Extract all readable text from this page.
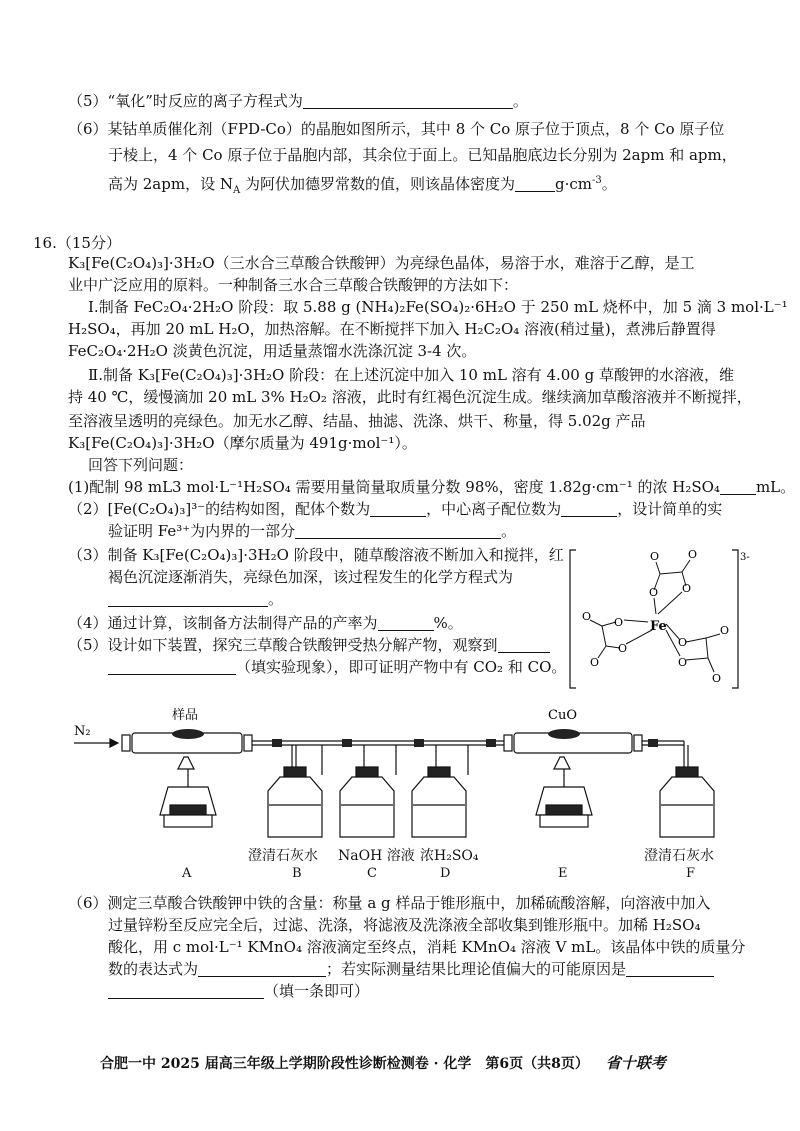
（5）“氧化”时反应的离子方程式为	。
（6）某钴单质催化剂（FPD-Co）的晶胞如图所示，其中 8 个 Co 原子位于顶点，8 个 Co 原子位
于棱上，4 个 Co 原子位于晶胞内部，其余位于面上。已知晶胞底边长分别为 2apm 和 apm，
高为 2apm，设 $N_A$ 为阿伏加德罗常数的值，则该晶体密度为	$g\cdot cm^{-3}$。
16.（15分）
K₃[Fe(C₂O₄)₃]·3H₂O（三水合三草酸合铁酸钾）为亮绿色晶体，易溶于水，难溶于乙醇，是工
业中广泛应用的原料。一种制备三水合三草酸合铁酸钾的方法如下：
Ⅰ.制备 FeC₂O₄·2H₂O 阶段：取 5.88 g (NH₄)₂Fe(SO₄)₂·6H₂O 于 250 mL 烧杯中，加 5 滴 3 mol·L⁻¹
H₂SO₄，再加 20 mL H₂O，加热溶解。在不断搅拌下加入 H₂C₂O₄ 溶液(稍过量)，煮沸后静置得
FeC₂O₄·2H₂O 淡黄色沉淀，用适量蒸馏水洗涤沉淀 3-4 次。
Ⅱ.制备 K₃[Fe(C₂O₄)₃]·3H₂O 阶段：在上述沉淀中加入 10 mL 溶有 4.00 g 草酸钾的水溶液，维
持 40 ℃，缓慢滴加 20 mL 3% H₂O₂ 溶液，此时有红褐色沉淀生成。继续滴加草酸溶液并不断搅拌，
至溶液呈透明的亮绿色。加无水乙醇、结晶、抽滤、洗涤、烘干、称量，得 5.02g 产品
K₃[Fe(C₂O₄)₃]·3H₂O（摩尔质量为 491g·mol⁻¹）。
回答下列问题：
(1)配制 98 mL3 mol·L⁻¹H₂SO₄ 需要用量筒量取质量分数 98%，密度 1.82g·cm⁻¹ 的浓 H₂SO₄ mL。
（2）[Fe(C₂O₄)₃]³⁻的结构如图，配体个数为	，中心离子配位数为	，设计简单的实
验证明 Fe³⁺为内界的一部分	。
（3）制备 K₃[Fe(C₂O₄)₃]·3H₂O 阶段中，随草酸溶液不断加入和搅拌，红
褐色沉淀逐渐消失，亮绿色加深，该过程发生的化学方程式为
。
（4）通过计算，该制备方法制得产品的产率为	%。
（5）设计如下装置，探究三草酸合铁酸钾受热分解产物，观察到
（填实验现象），即可证明产物中有 CO₂ 和 CO。
3-
Fe
O O
O	O
O
O
O
O
O
O
O
O
N₂
样品	CuO
澄清石灰水 NaOH 溶液 浓H₂SO₄	澄清石灰水
A	B	C	D	E	F
（6）测定三草酸合铁酸钾中铁的含量：称量 a g 样品于锥形瓶中，加稀硫酸溶解，向溶液中加入
过量锌粉至反应完全后，过滤、洗涤，将滤液及洗涤液全部收集到锥形瓶中。加稀 H₂SO₄
酸化，用 c mol·L⁻¹ KMnO₄ 溶液滴定至终点，消耗 KMnO₄ 溶液 V mL。该晶体中铁的质量分
数的表达式为	；若实际测量结果比理论值偏大的可能原因是
（填一条即可）
合肥一中 2025 届高三年级上学期阶段性诊断检测卷 · 化学　第6页（共8页） 省十联考
